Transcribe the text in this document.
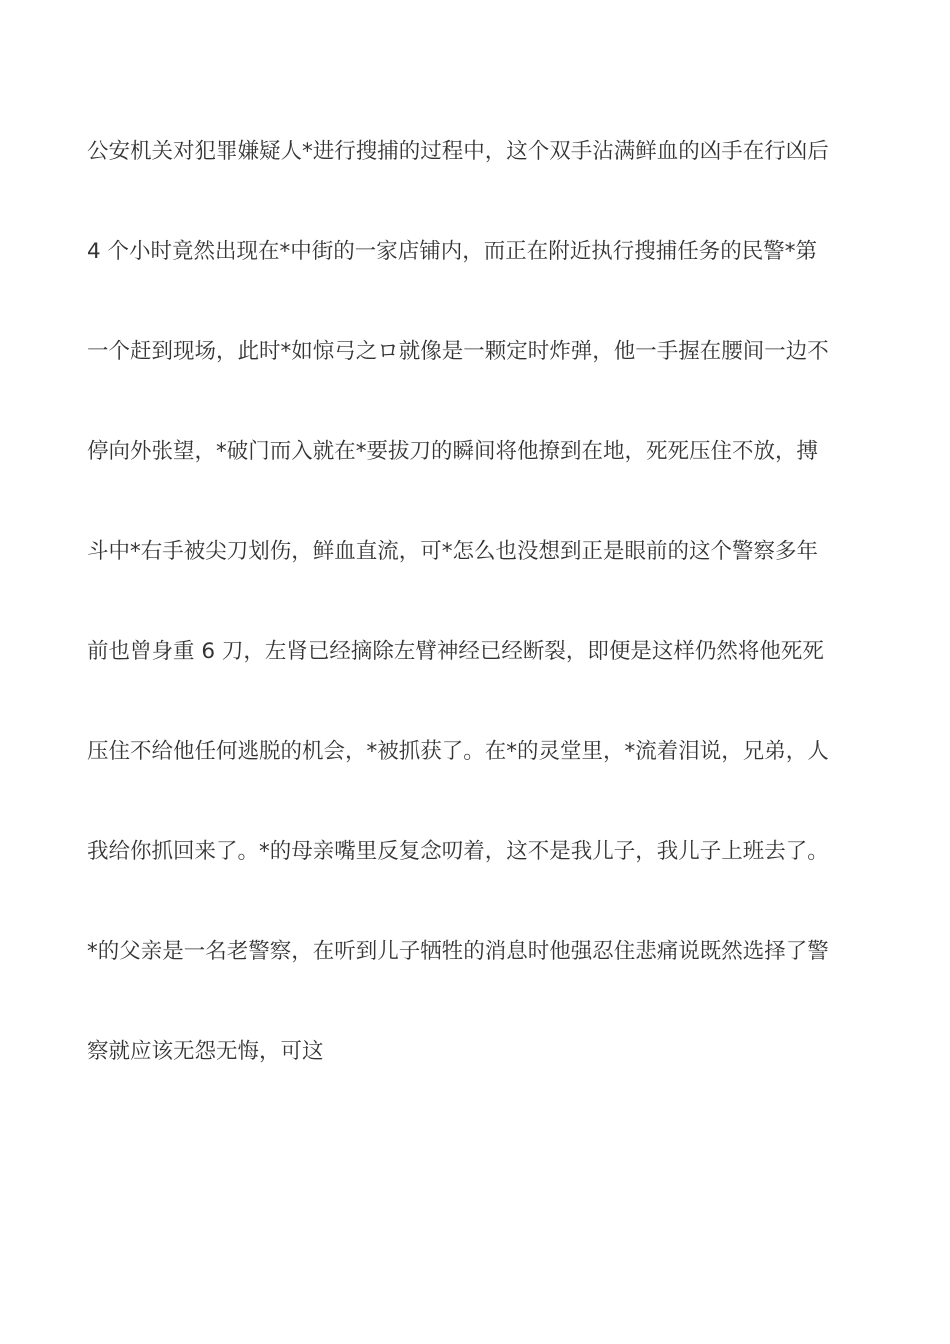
公安机关对犯罪嫌疑人*进行搜捕的过程中，这个双手沾满鲜血的凶手在行凶后
4 个小时竟然出现在*中街的一家店铺内，而正在附近执行搜捕任务的民警*第
一个赶到现场，此时*如惊弓之ロ就像是一颗定时炸弹，他一手握在腰间一边不
停向外张望，*破门而入就在*要拔刀的瞬间将他撩到在地，死死压住不放，搏
斗中*右手被尖刀划伤，鲜血直流，可*怎么也没想到正是眼前的这个警察多年
前也曾身重 6 刀，左肾已经摘除左臂神经已经断裂，即便是这样仍然将他死死
压住不给他任何逃脱的机会，*被抓获了。在*的灵堂里，*流着泪说，兄弟，人
我给你抓回来了。*的母亲嘴里反复念叨着，这不是我儿子，我儿子上班去了。
*的父亲是一名老警察，在听到儿子牺牲的消息时他强忍住悲痛说既然选择了警
察就应该无怨无悔，可这
